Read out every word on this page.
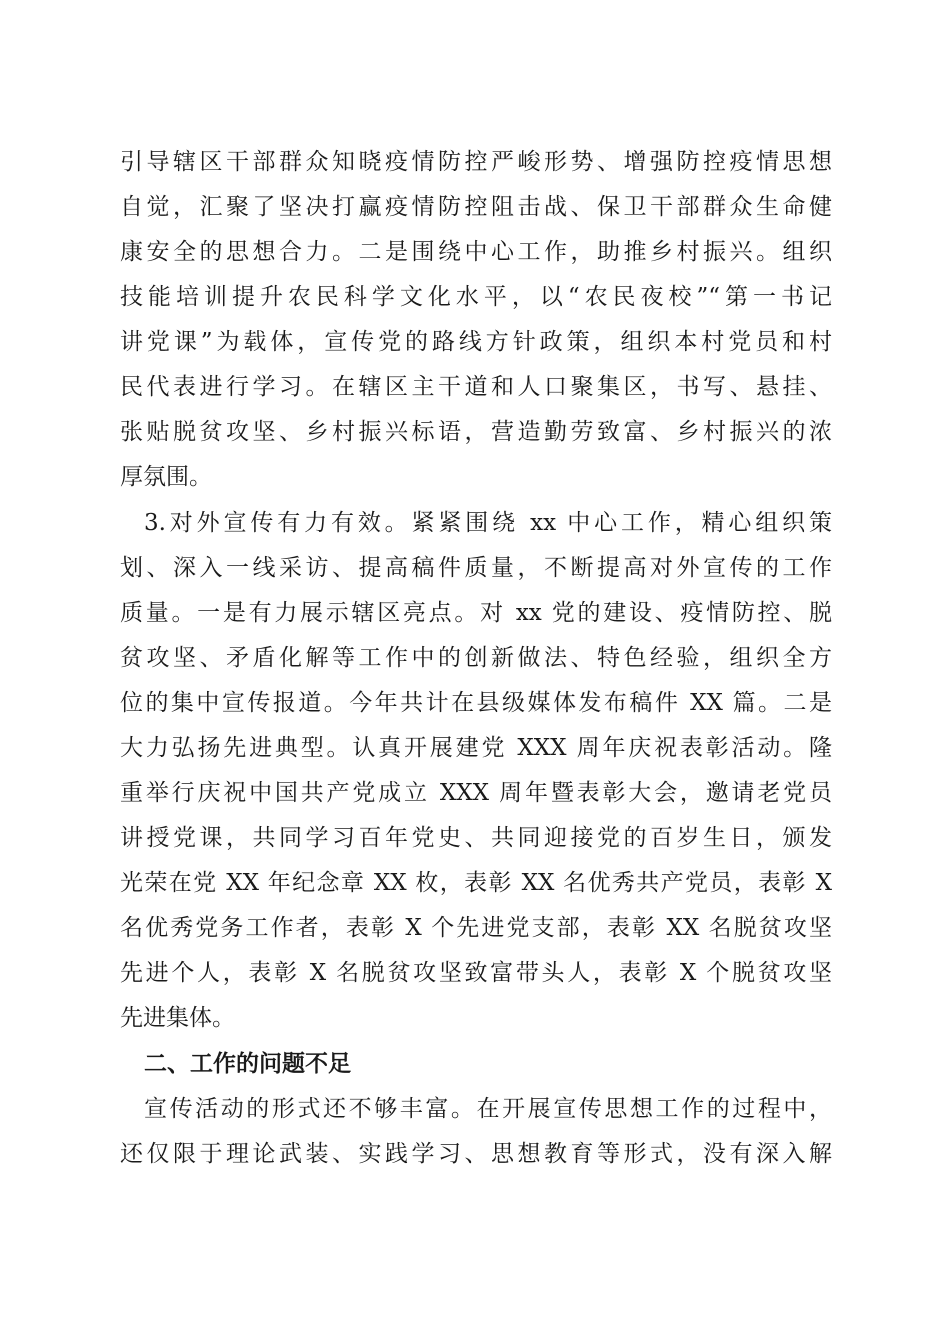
引导辖区干部群众知晓疫情防控严峻形势、增强防控疫情思想

自觉，汇聚了坚决打赢疫情防控阻击战、保卫干部群众生命健

康安全的思想合力。二是围绕中心工作，助推乡村振兴。组织

技能培训提升农民科学文化水平，以“农民夜校”“第一书记

讲党课”为载体，宣传党的路线方针政策，组织本村党员和村

民代表进行学习。在辖区主干道和人口聚集区，书写、悬挂、

张贴脱贫攻坚、乡村振兴标语，营造勤劳致富、乡村振兴的浓

厚氛围。

3.对外宣传有力有效。紧紧围绕 xx 中心工作，精心组织策

划、深入一线采访、提高稿件质量，不断提高对外宣传的工作

质量。一是有力展示辖区亮点。对 xx 党的建设、疫情防控、脱

贫攻坚、矛盾化解等工作中的创新做法、特色经验，组织全方

位的集中宣传报道。今年共计在县级媒体发布稿件 XX 篇。二是

大力弘扬先进典型。认真开展建党 XXX 周年庆祝表彰活动。隆

重举行庆祝中国共产党成立 XXX 周年暨表彰大会，邀请老党员

讲授党课，共同学习百年党史、共同迎接党的百岁生日，颁发

光荣在党 XX 年纪念章 XX 枚，表彰 XX 名优秀共产党员，表彰 X

名优秀党务工作者，表彰 X 个先进党支部，表彰 XX 名脱贫攻坚

先进个人，表彰 X 名脱贫攻坚致富带头人，表彰 X 个脱贫攻坚

先进集体。

二、工作的问题不足

宣传活动的形式还不够丰富。在开展宣传思想工作的过程中，

还仅限于理论武装、实践学习、思想教育等形式，没有深入解
